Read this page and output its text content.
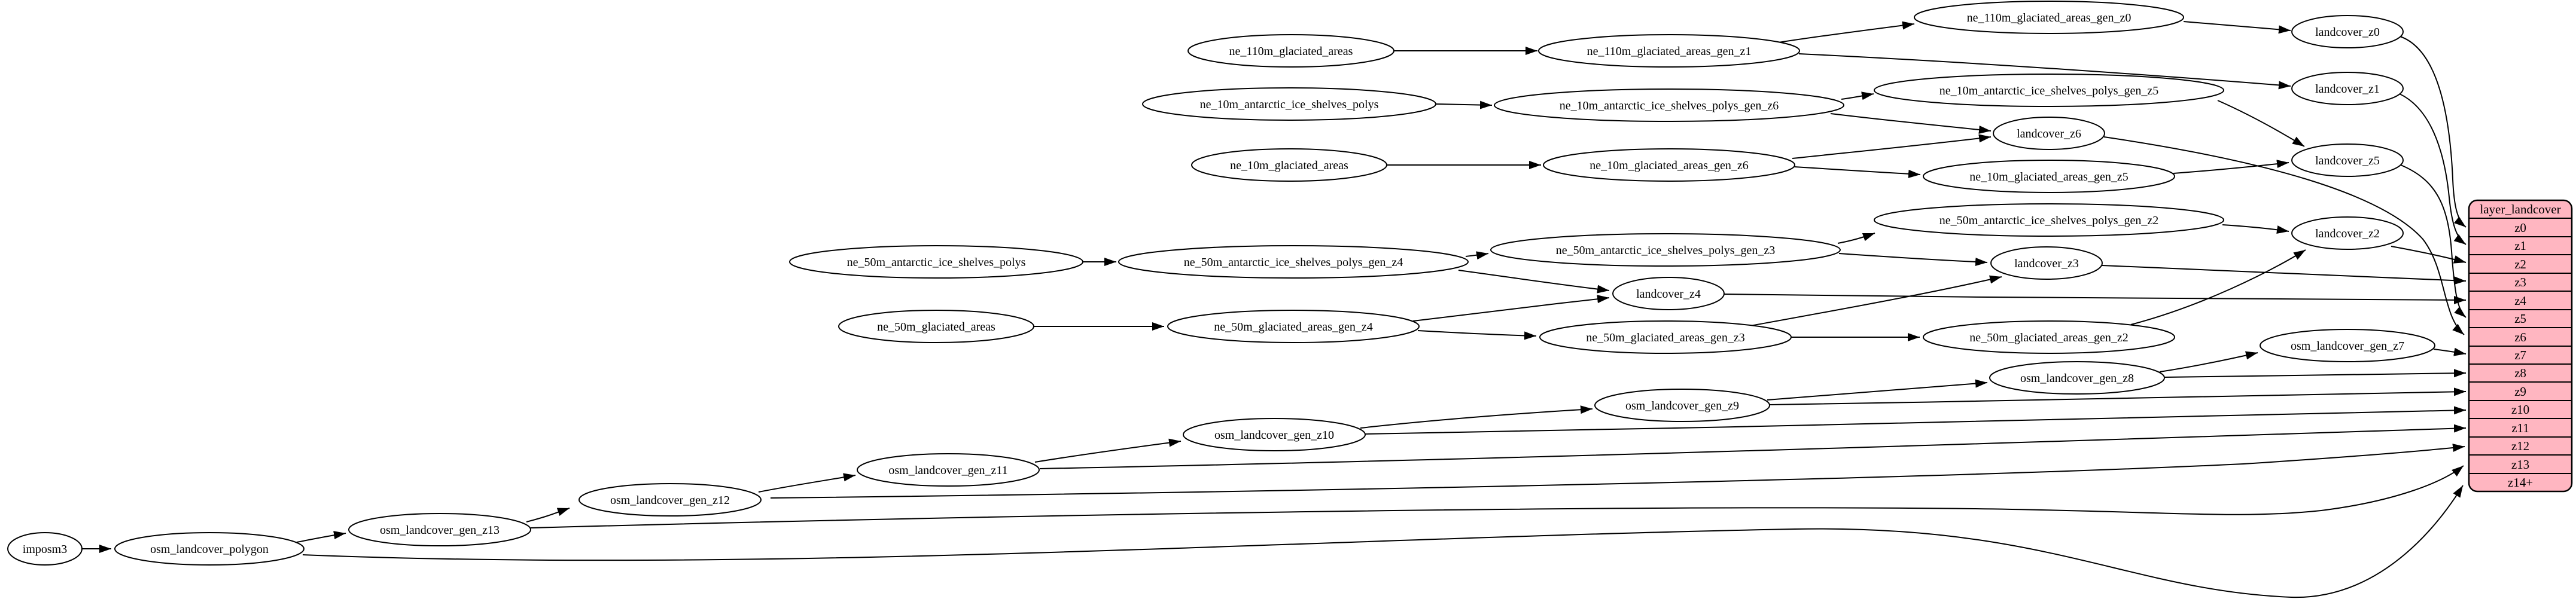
imposm3	osm_landcover_polygon
osm_landcover_gen_z13
osm_landcover_gen_z12
osm_landcover_gen_z11
osm_landcover_gen_z10
osm_landcover_gen_z9
osm_landcover_gen_z8
osm_landcover_gen_z7
ne_110m_glaciated_areas	ne_110m_glaciated_areas_gen_z1
ne_110m_glaciated_areas_gen_z0
landcover_z0
landcover_z1
ne_10m_antarctic_ice_shelves_polys	ne_10m_antarctic_ice_shelves_polys_gen_z6
ne_10m_antarctic_ice_shelves_polys_gen_z5
ne_10m_glaciated_areas	ne_10m_glaciated_areas_gen_z6
ne_10m_glaciated_areas_gen_z5
landcover_z6
landcover_z5
ne_50m_antarctic_ice_shelves_polys	ne_50m_antarctic_ice_shelves_polys_gen_z4
ne_50m_antarctic_ice_shelves_polys_gen_z3
ne_50m_antarctic_ice_shelves_polys_gen_z2
landcover_z4
landcover_z3
landcover_z2
ne_50m_glaciated_areas	ne_50m_glaciated_areas_gen_z4
ne_50m_glaciated_areas_gen_z3	ne_50m_glaciated_areas_gen_z2
layer_landcover
z0
z1
z2
z3
z4
z5
z6
z7
z8
z9
z10
z11
z12
z13
z14+
